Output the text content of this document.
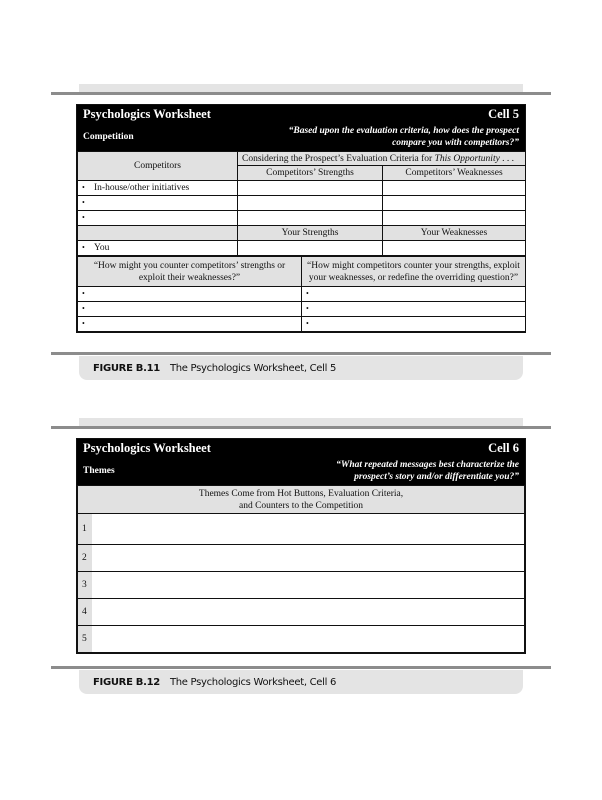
Psychologics Worksheet	Cell 5
Competition
“Based upon the evaluation criteria, how does the prospect compare you with competitors?”
Competitors	Considering the Prospect’s Evaluation Criteria for This Opportunity . . .	
	Competitors’ Strengths	Competitors’ Weaknesses
• In-house/other initiatives		
•		
•		
	Your Strengths	Your Weaknesses
• You		
“How might you counter competitors’ strengths or exploit their weaknesses?”	“How might competitors counter your strengths, exploit your weaknesses, or redefine the overriding question?”
•	•
•	•
•	•
FIGURE B.11 The Psychologics Worksheet, Cell 5
Psychologics Worksheet	Cell 6
Themes
“What repeated messages best characterize the prospect’s story and/or differentiate you?”
Themes Come from Hot Buttons, Evaluation Criteria, and Counters to the Competition	
1	
2	
3	
4	
5	
FIGURE B.12 The Psychologics Worksheet, Cell 6
